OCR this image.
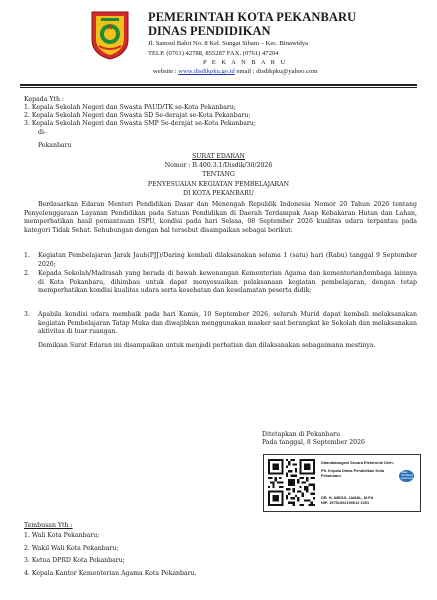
PEMERINTAH KOTA PEKANBARU
DINAS PENDIDIKAN
Jl. Samsul Bahri No. 8 Kel. Sungai Sibam – Kec. Binawidya
TELP. (0761) 42788, 855287 FAX. (0761) 47204
P E K A N B A R U
website : www.disdikpku.go.id email : disdikpku@yahoo.com
Kepada Yth :
1. Kepala Sekolah Negeri dan Swasta PAUD/TK se-Kota Pekanbaru;
2. Kepala Sekolah Negeri dan Swasta SD Se-derajat se-Kota Pekanbaru;
3. Kepala Sekolah Negeri dan Swasta SMP Se-derajat se-Kota Pekanbaru;
di-
Pekanbaru
SURAT EDARAN
Nomor : B.400.3.1/Disdik/30/2026
TENTANG
PENYESUAIAN KEGIATAN PEMBELAJARAN
DI KOTA PEKANBARU
Berdasarkan Edaran Menteri Pendidikan Dasar dan Menengah Republik Indonesia Nomor 20 Tahun 2026 tentang Penyelenggaraan Layanan Pendidikan pada Satuan Pendidikan di Daerah Terdampak Asap Kebakaran Hutan dan Lahan, memperhatikan hasil pemantauan ISPU, kondisi pada hari Selasa, 08 September 2026 kualitas udara terpantau pada kategori Tidak Sehat. Sehubungan dengan hal tersebut disampaikan sebagai berikut:
1. Kegiatan Pembelajaran Jarak Jauh(PJJ)/Daring kembali dilaksanakan selama 1 (satu) hari (Rabu) tanggal 9 September 2026;
2. Kepada Sekolah/Madrasah yang berada di bawah kewenangan Kementerian Agama dan kementerian/lembaga lainnya di Kota Pekanbaru, dihimbau untuk dapat menyesuaikan pelaksanaan kegiatan pembelajaran, dengan tetap memperhatikan kondisi kualitas udara serta kesehatan dan keselamatan peserta didik;
3. Apabila kondisi udara membaik pada hari Kamis, 10 September 2026, seluruh Murid dapat kembali melaksanakan kegiatan Pembelajaran Tatap Muka dan diwajibkan menggunakan masker saat berangkat ke Sekolah dan melaksanakan aktivitas di luar ruangan.
Demikian Surat Edaran ini disampaikan untuk menjadi perhatian dan dilaksanakan sebagaimana mestinya.
Ditetapkan di Pekanbaru
Pada tanggal, 8 September 2026
Ditandatangani Secara Elektronik Oleh:
Plt. Kepala Dinas Pendidikan Kota
Pekanbaru
DR. H. ABDUL JAMAL, M.Pd
NIP. 19751002199612 1001
Balai
Sertifikasi
Elektronik
Tembusan Yth :
1. Wali Kota Pekanbaru;
2. Wakil Wali Kota Pekanbaru;
3. Ketua DPRD Kota Pekanbaru;
4. Kepala Kantor Kementerian Agama Kota Pekanbaru.
